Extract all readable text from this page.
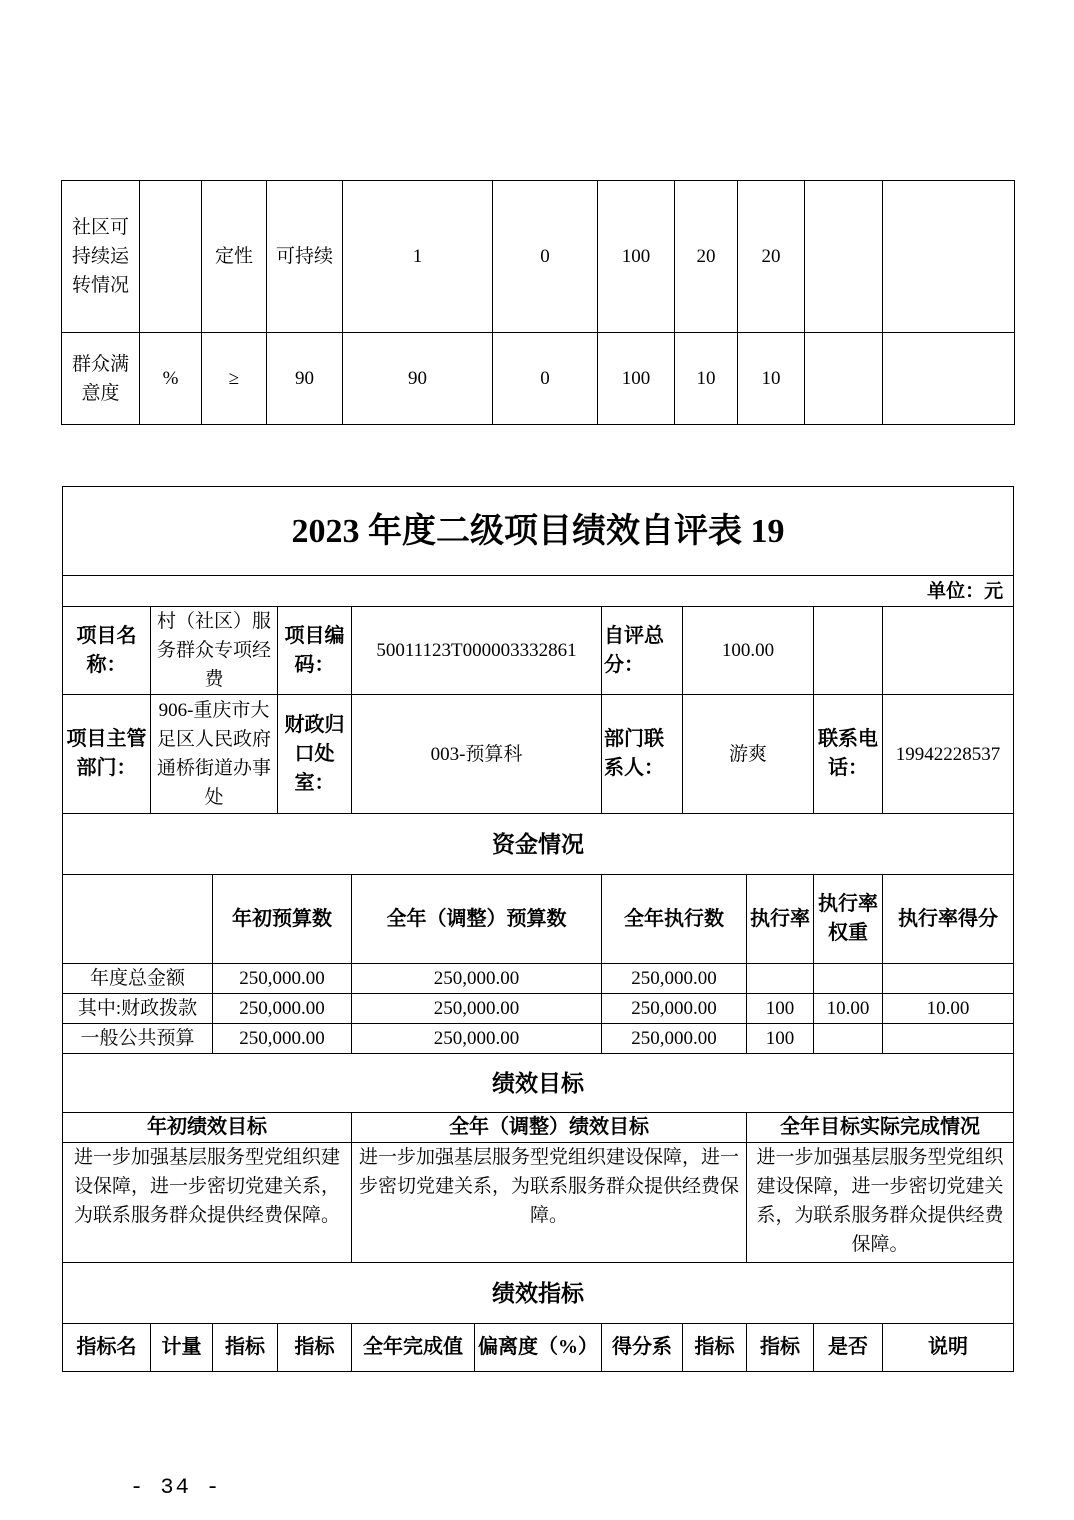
社区可持续运转情况		定性	可持续	1	0	100	20	20		
群众满意度	%	≥	90	90	0	100	10	10		
2023 年度二级项目绩效自评表 19										
单位：元										
项目名称：	村（社区）服务群众专项经费		项目编码：	50011123T000003332861		自评总分：	100.00			
项目主管部门：	906-重庆市大足区人民政府通桥街道办事处		财政归口处室：	003-预算科		部门联系人：	游爽		联系电话：	19942228537
资金情况										
		年初预算数		全年（调整）预算数		全年执行数		执行率	执行率权重	执行率得分
年度总金额		250,000.00		250,000.00		250,000.00				
其中:财政拨款		250,000.00		250,000.00		250,000.00		100	10.00	10.00
一般公共预算		250,000.00		250,000.00		250,000.00		100		
绩效目标										
年初绩效目标				全年（调整）绩效目标				全年目标实际完成情况		
进一步加强基层服务型党组织建设保障，进一步密切党建关系，为联系服务群众提供经费保障。				进一步加强基层服务型党组织建设保障，进一步密切党建关系，为联系服务群众提供经费保障。				进一步加强基层服务型党组织建设保障，进一步密切党建关系，为联系服务群众提供经费保障。		
绩效指标										
指标名	计量	指标	指标	全年完成值	偏离度（%）	得分系	指标	指标	是否	说明
- 34 -
